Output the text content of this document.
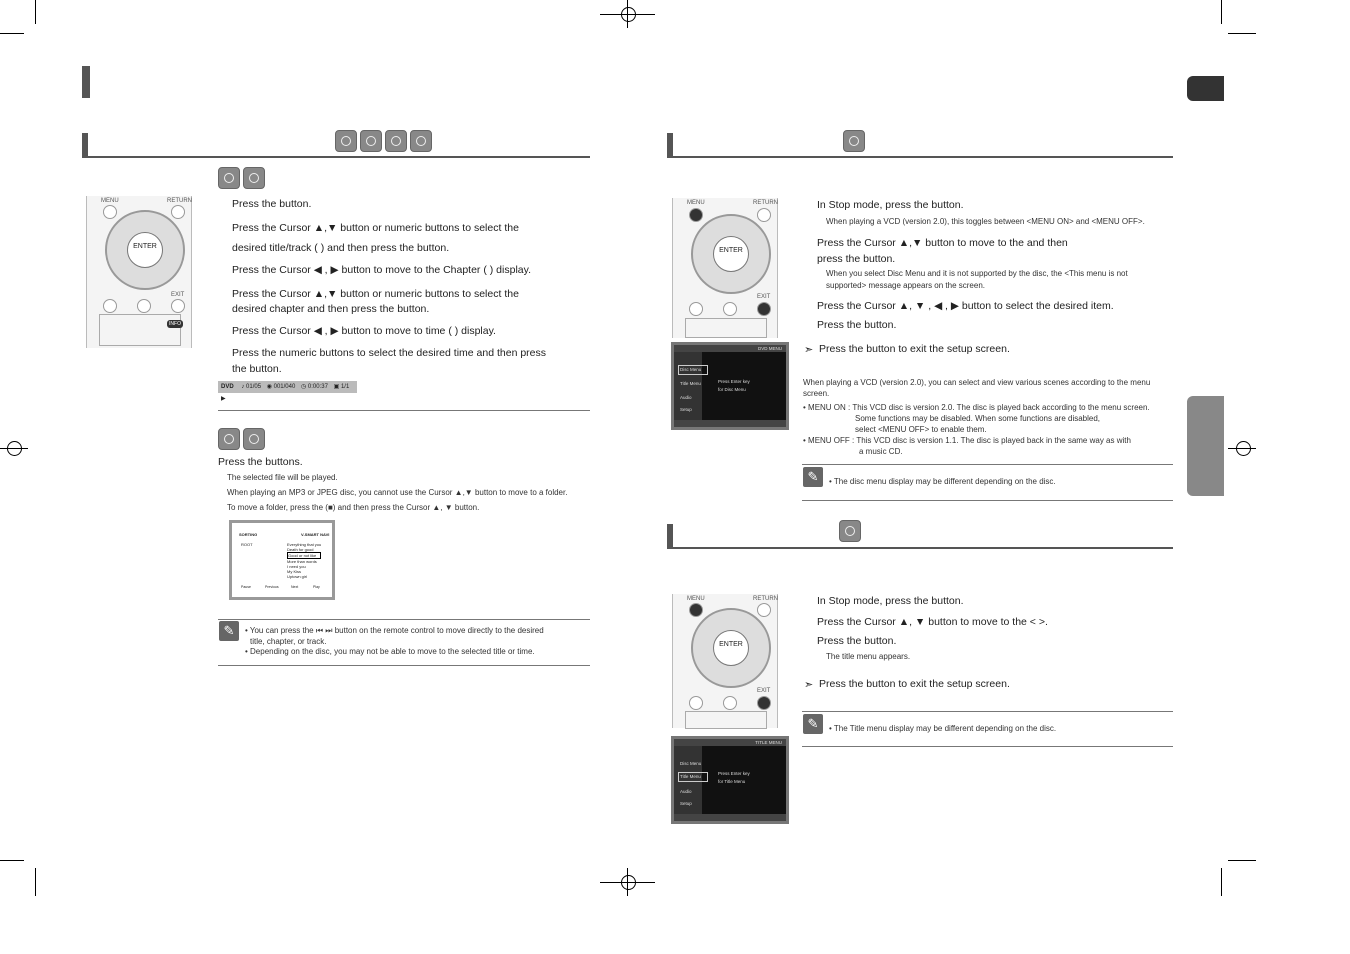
MENU	RETURN
ENTER
EXIT
INFO
Press the button.
Press the Cursor ▲,▼ button or numeric buttons to select the
desired title/track ( ) and then press the button.
Press the Cursor ◀ , ▶ button to move to the Chapter ( ) display.
Press the Cursor ▲,▼ button or numeric buttons to select the
desired chapter and then press the button.
Press the Cursor ◀ , ▶ button to move to time ( ) display.
Press the numeric buttons to select the desired time and then press
the button.
DVD ♪ 01/05 ◉ 001/040 ◷ 0:00:37 ▣ 1/1 ▶
Press the buttons.
The selected file will be played.
When playing an MP3 or JPEG disc, you cannot use the Cursor ▲,▼ button to move to a folder.
To move a folder, press the (■) and then press the Cursor ▲, ▼ button.
SORTING	V-SMART NAVI
ROOT	Everything that you
Death for good
Good or not like
More than words
I need you
My Kiss
Uptown girl
Pause	Previous	Next	Play
✎	• You can press the ⏮ ⏭ button on the remote control to move directly to the desired
title, chapter, or track.
• Depending on the disc, you may not be able to move to the selected title or time.
MENU	RETURN
ENTER
EXIT
DVD MENU
Disc Menu
Title Menu
Audio
Setup
Press Enter key
for Disc Menu
In Stop mode, press the button.
When playing a VCD (version 2.0), this toggles between <MENU ON> and <MENU OFF>.
Press the Cursor ▲,▼ button to move to the and then
press the button.
When you select Disc Menu and it is not supported by the disc, the <This menu is not
supported> message appears on the screen.
Press the Cursor ▲, ▼ , ◀ , ▶ button to select the desired item.
Press the button.
➣ Press the button to exit the setup screen.
When playing a VCD (version 2.0), you can select and view various scenes according to the menu
screen.
• MENU ON : This VCD disc is version 2.0. The disc is played back according to the menu screen.
Some functions may be disabled. When some functions are disabled,
select <MENU OFF> to enable them.
• MENU OFF : This VCD disc is version 1.1. The disc is played back in the same way as with
a music CD.
✎	• The disc menu display may be different depending on the disc.
MENU	RETURN
ENTER
EXIT
TITLE MENU
Disc Menu
Title Menu
Audio
Setup
Press Enter key
for Title Menu
In Stop mode, press the button.
Press the Cursor ▲, ▼ button to move to the < >.
Press the button.
The title menu appears.
➣ Press the button to exit the setup screen.
✎	• The Title menu display may be different depending on the disc.
